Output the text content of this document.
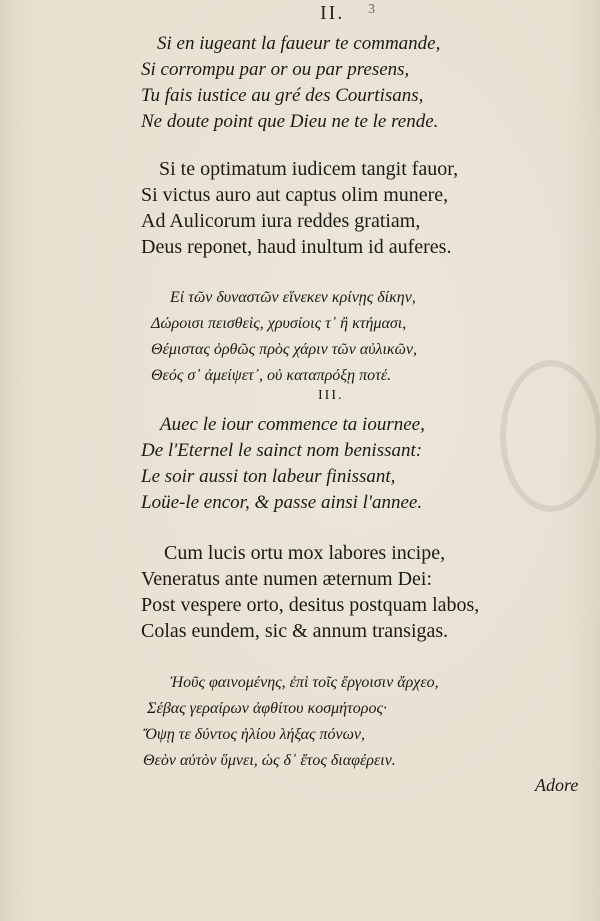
II. 3
Si en iugeant la faueur te commande,
Si corrompu par or ou par presens,
Tu fais iustice au gré des Courtisans,
Ne doute point que Dieu ne te le rende.
Si te optimatum iudicem tangit fauor,
Si victus auro aut captus olim munere,
Ad Aulicorum iura reddes gratiam,
Deus reponet, haud inultum id auferes.
Εἰ τῶν δυναστῶν εἵνεκεν κρίνῃς δίκην,
Δώροισι πεισθεὶς, χρυσίοις τ᾽ ἢ κτήμασι,
Θέμιστας ὀρθῶς πρὸς χάριν τῶν αὐλικῶν,
Θεός σ᾽ ἀμείψετ᾽, οὐ καταπρόξῃ ποτέ.
III.
Auec le iour commence ta iournee,
De l'Eternel le sainct nom benissant:
Le soir aussi ton labeur finissant,
Loüe-le encor, & passe ainsi l'annee.
Cum lucis ortu mox labores incipe,
Veneratus ante numen æternum Dei:
Post vespere orto, desitus postquam labos,
Colas eundem, sic & annum transigas.
Ἠοῦς φαινομένης, ἐπὶ τοῖς ἔργοισιν ἄρχεο,
Σέβας γεραίρων ἀφθίτου κοσμήτορος·
Ὄψῃ τε δύντος ἡλίου λήξας πόνων,
Θεὸν αὐτὸν ὕμνει, ὡς δ᾽ ἔτος διαφέρειν.
Adore
